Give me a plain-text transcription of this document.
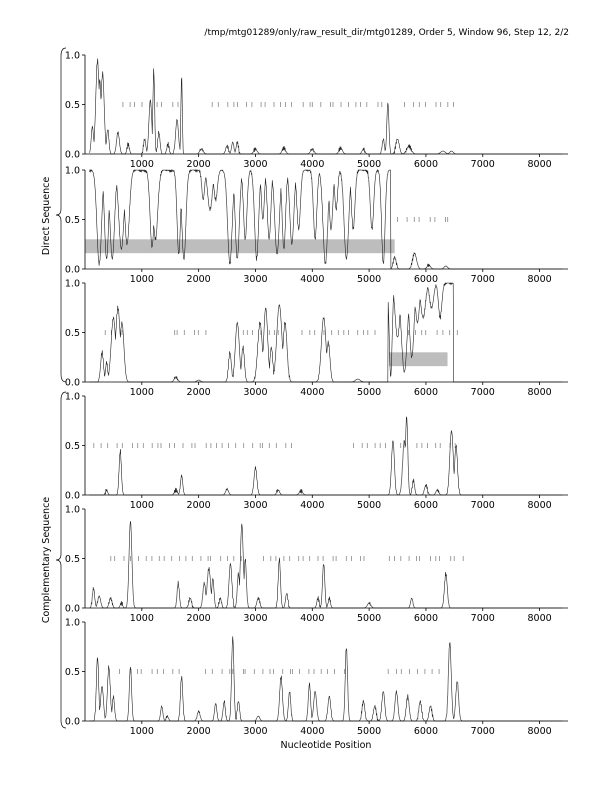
/tmp/mtg01289/only/raw_result_dir/mtg01289, Order 5, Window 96, Step 12, 2/2
Direct Sequence
Complementary Sequence
0.0
0.5
1.0
1000	2000	3000	4000	5000	6000	7000	8000
0.0
0.5
1.0
1000	2000	3000	4000	5000	6000	7000	8000
0.0
0.5
1.0
1000	2000	3000	4000	5000	6000	7000	8000
0.0
0.5
1.0
1000	2000	3000	4000	5000	6000	7000	8000
0.0
0.5
1.0
1000	2000	3000	4000	5000	6000	7000	8000
0.0
0.5
1.0
1000	2000	3000	4000	5000	6000	7000	8000
Nucleotide Position
